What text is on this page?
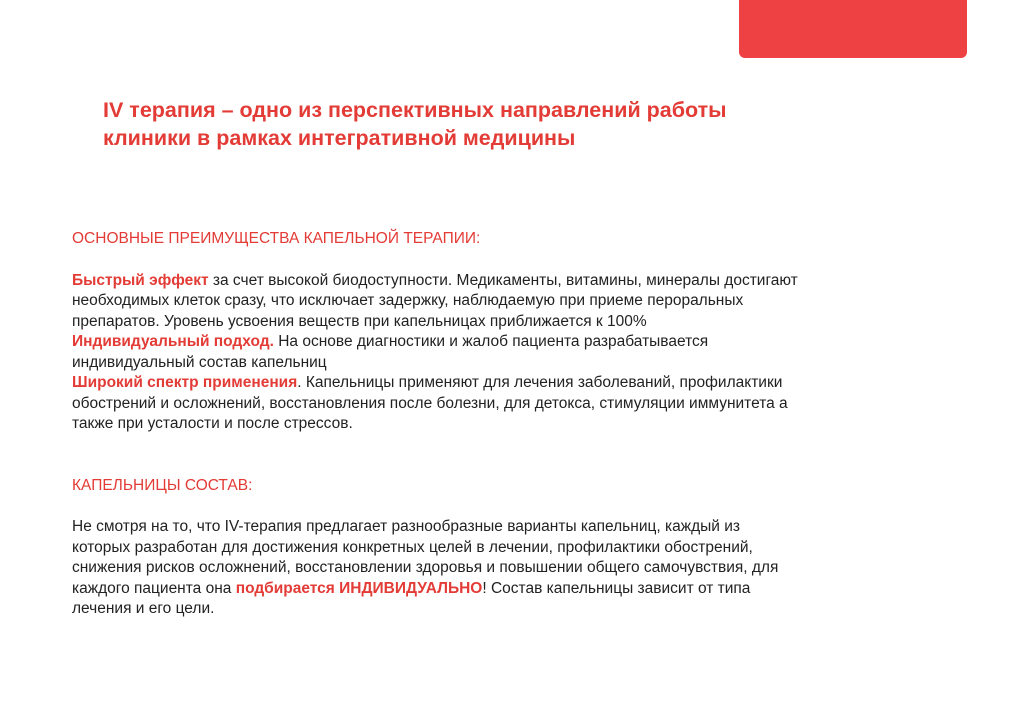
IV терапия – одно из перспективных направлений работы
клиники в рамках интегративной медицины
ОСНОВНЫЕ ПРЕИМУЩЕСТВА КАПЕЛЬНОЙ ТЕРАПИИ:
Быстрый эффект за счет высокой биодоступности. Медикаменты, витамины, минералы достигают
необходимых клеток сразу, что исключает задержку, наблюдаемую при приеме пероральных
препаратов. Уровень усвоения веществ при капельницах приближается к 100%
Индивидуальный подход. На основе диагностики и жалоб пациента разрабатывается
индивидуальный состав капельниц
Широкий спектр применения. Капельницы применяют для лечения заболеваний, профилактики
обострений и осложнений, восстановления после болезни, для детокса, стимуляции иммунитета а
также при усталости и после стрессов.
КАПЕЛЬНИЦЫ СОСТАВ:
Не смотря на то, что IV-терапия предлагает разнообразные варианты капельниц, каждый из
которых разработан для достижения конкретных целей в лечении, профилактики обострений,
снижения рисков осложнений, восстановлении здоровья и повышении общего самочувствия, для
каждого пациента она подбирается ИНДИВИДУАЛЬНО! Состав капельницы зависит от типа
лечения и его цели.
